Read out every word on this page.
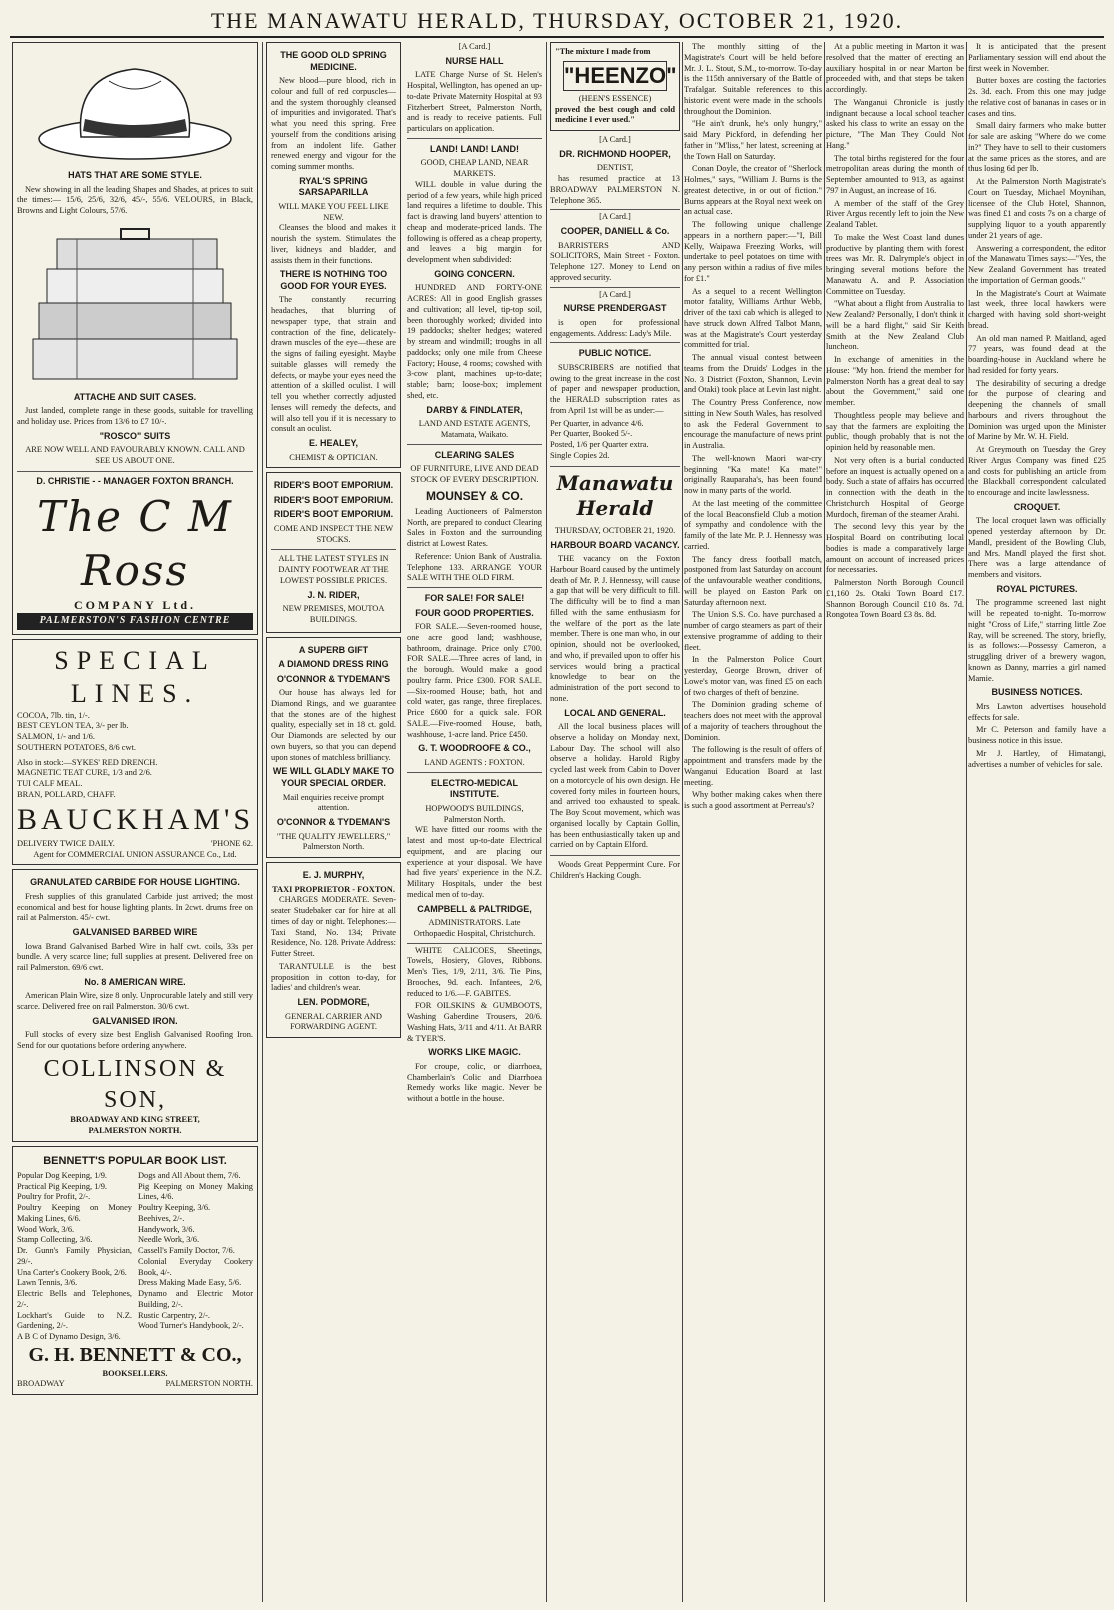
THE MANAWATU HERALD, THURSDAY, OCTOBER 21, 1920.
HATS THAT ARE SOME STYLE.

New showing in all the leading Shapes and Shades, at prices to suit the times:— 15/6, 25/6, 32/6, 45/-, 55/6. VELOURS, in Black, Browns and Light Colours, 57/6.

ATTACHE AND SUIT CASES.

Just landed, complete range in these goods, suitable for travelling and holiday use. Prices from 13/6 to £7 10/-.

"ROSCO" SUITS

ARE NOW WELL AND FAVOURABLY KNOWN. CALL AND SEE US ABOUT ONE.

D. CHRISTIE - - MANAGER FOXTON BRANCH.
The C M Ross
COMPANY Ltd.
PALMERSTON'S FASHION CENTRE
SPECIAL LINES.
COCOA, 7lb. tin, 1/-.
BEST CEYLON TEA, 3/- per lb.
SALMON, 1/- and 1/6.
SOUTHERN POTATOES, 8/6 cwt.
Also in stock:—SYKES' RED DRENCH.
MAGNETIC TEAT CURE, 1/3 and 2/6.
TUI CALF MEAL.
BRAN, POLLARD, CHAFF.
BAUCKHAM'S
DELIVERY TWICE DAILY.	'PHONE 62.
Agent for COMMERCIAL UNION ASSURANCE Co., Ltd.
GRANULATED CARBIDE FOR HOUSE LIGHTING.

Fresh supplies of this granulated Carbide just arrived; the most economical and best for house lighting plants. In 2cwt. drums free on rail at Palmerston. 45/- cwt.

GALVANISED BARBED WIRE

Iowa Brand Galvanised Barbed Wire in half cwt. coils, 33s per bundle. A very scarce line; full supplies at present. Delivered free on rail Palmerston. 69/6 cwt.

No. 8 AMERICAN WIRE.

American Plain Wire, size 8 only. Unprocurable lately and still very scarce. Delivered free on rail Palmerston. 30/6 cwt.

GALVANISED IRON.

Full stocks of every size best English Galvanised Roofing Iron. Send for our quotations before ordering anywhere.

COLLINSON & SON,
BROADWAY AND KING STREET,
PALMERSTON NORTH.
BENNETT'S POPULAR BOOK LIST.
Popular Dog Keeping, 1/9.
Practical Pig Keeping, 1/9.
Poultry for Profit, 2/-.
Poultry Keeping on Money Making Lines, 6/6.
Wood Work, 3/6.
Stamp Collecting, 3/6.
Dr. Gunn's Family Physician, 29/-.
Una Carter's Cookery Book, 2/6.
Lawn Tennis, 3/6.
Electric Bells and Telephones, 2/-.
Lockhart's Guide to N.Z. Gardening, 2/-.
A B C of Dynamo Design, 3/6.
Dogs and All About them, 7/6.
Pig Keeping on Money Making Lines, 4/6.
Poultry Keeping, 3/6.
Beehives, 2/-.
Handywork, 3/6.
Needle Work, 3/6.
Cassell's Family Doctor, 7/6.
Colonial Everyday Cookery Book, 4/-.
Dress Making Made Easy, 5/6.
Dynamo and Electric Motor Building, 2/-.
Rustic Carpentry, 2/-.
Wood Turner's Handybook, 2/-.
G. H. BENNETT & CO.,
BOOKSELLERS.
BROADWAY	PALMERSTON NORTH.
THE GOOD OLD SPRING MEDICINE.

New blood—pure blood, rich in colour and full of red corpuscles—and the system thoroughly cleansed of impurities and invigorated. That's what you need this spring. Free yourself from the conditions arising from an indolent life. Gather renewed energy and vigour for the coming summer months.

RYAL'S SPRING SARSAPARILLA
WILL MAKE YOU FEEL LIKE NEW.

Cleanses the blood and makes it nourish the system. Stimulates the liver, kidneys and bladder, and assists them in their functions.

THERE IS NOTHING TOO GOOD FOR YOUR EYES.

The constantly recurring headaches, that blurring of newspaper type, that strain and contraction of the fine, delicately-drawn muscles of the eye—these are the signs of failing eyesight. Maybe suitable glasses will remedy the defects, or maybe your eyes need the attention of a skilled oculist. I will tell you whether correctly adjusted lenses will remedy the defects, and will also tell you if it is necessary to consult an oculist.

E. HEALEY,
CHEMIST & OPTICIAN.
RIDER'S BOOT EMPORIUM.
RIDER'S BOOT EMPORIUM.
RIDER'S BOOT EMPORIUM.

COME AND INSPECT THE NEW STOCKS.

ALL THE LATEST STYLES IN DAINTY FOOTWEAR AT THE LOWEST POSSIBLE PRICES.

J. N. RIDER,

NEW PREMISES, MOUTOA BUILDINGS.

A SUPERB GIFT
A DIAMOND DRESS RING
O'CONNOR & TYDEMAN'S

Our house has always led for Diamond Rings, and we guarantee that the stones are of the highest quality, especially set in 18 ct. gold. Our Diamonds are selected by our own buyers, so that you can depend upon stones of matchless brilliancy.

WE WILL GLADLY MAKE TO YOUR SPECIAL ORDER.

Mail enquiries receive prompt attention.

O'CONNOR & TYDEMAN'S
"THE QUALITY JEWELLERS,"
Palmerston North.
E. J. MURPHY,
TAXI PROPRIETOR - FOXTON.

CHARGES MODERATE. Seven-seater Studebaker car for hire at all times of day or night. Telephones:—Taxi Stand, No. 134; Private Residence, No. 128. Private Address: Futter Street.

TARANTULLE is the best proposition in cotton to-day, for ladies' and children's wear.

LEN. PODMORE,
GENERAL CARRIER AND FORWARDING AGENT.
[A Card.]
NURSE HALL

LATE Charge Nurse of St. Helen's Hospital, Wellington, has opened an up-to-date Private Maternity Hospital at 93 Fitzherbert Street, Palmerston North, and is ready to receive patients. Full particulars on application.

LAND! LAND! LAND!
GOOD, CHEAP LAND, NEAR MARKETS.

WILL double in value during the period of a few years, while high priced land requires a lifetime to double. This fact is drawing land buyers' attention to cheap and moderate-priced lands. The following is offered as a cheap property, and leaves a big margin for development when subdivided:

GOING CONCERN.

HUNDRED AND FORTY-ONE ACRES: All in good English grasses and cultivation; all level, tip-top soil, been thoroughly worked; divided into 19 paddocks; shelter hedges; watered by stream and windmill; troughs in all paddocks; only one mile from Cheese Factory; House, 4 rooms; cowshed with 3-cow plant, machines up-to-date; stable; barn; loose-box; implement shed, etc.

DARBY & FINDLATER,
LAND AND ESTATE AGENTS, Matamata, Waikato.
CLEARING SALES

OF FURNITURE, LIVE AND DEAD STOCK OF EVERY DESCRIPTION.

MOUNSEY & CO.

Leading Auctioneers of Palmerston North, are prepared to conduct Clearing Sales in Foxton and the surrounding district at Lowest Rates.

Reference: Union Bank of Australia. Telephone 133. ARRANGE YOUR SALE WITH THE OLD FIRM.

FOR SALE! FOR SALE!
FOUR GOOD PROPERTIES.

FOR SALE.—Seven-roomed house, one acre good land; washhouse, bathroom, drainage. Price only £700. FOR SALE.—Three acres of land, in the borough. Would make a good poultry farm. Price £300. FOR SALE.—Six-roomed House; bath, hot and cold water, gas range, three fireplaces. Price £600 for a quick sale. FOR SALE.—Five-roomed House, bath, washhouse, 1-acre land. Price £450.

G. T. WOODROOFE & CO.,
LAND AGENTS : FOXTON.
ELECTRO-MEDICAL INSTITUTE.
HOPWOOD'S BUILDINGS, Palmerston North.

WE have fitted our rooms with the latest and most up-to-date Electrical equipment, and are placing our experience at your disposal. We have had five years' experience in the N.Z. Military Hospitals, under the best medical men of to-day.

CAMPBELL & PALTRIDGE,
ADMINISTRATORS. Late Orthopaedic Hospital, Christchurch.

WHITE CALICOES, Sheetings, Towels, Hosiery, Gloves, Ribbons. Men's Ties, 1/9, 2/11, 3/6. Tie Pins, Brooches, 9d. each. Infantees, 2/6, reduced to 1/6.—F. GABITES.

FOR OILSKINS & GUMBOOTS, Washing Gaberdine Trousers, 20/6. Washing Hats, 3/11 and 4/11. At BARR & TYER'S.

WORKS LIKE MAGIC.

For croupe, colic, or diarrhoea, Chamberlain's Colic and Diarrhoea Remedy works like magic. Never be without a bottle in the house.

"The mixture I made from
"HEENZO"
(HEEN'S ESSENCE)
proved the best cough and cold medicine I ever used."
[A Card.]
DR. RICHMOND HOOPER,
DENTIST,

has resumed practice at 13 BROADWAY PALMERSTON N. Telephone 365.

[A Card.]
COOPER, DANIELL & Co.

BARRISTERS AND SOLICITORS, Main Street - Foxton. Telephone 127. Money to Lend on approved security.

[A Card.]
NURSE PRENDERGAST

is open for professional engagements. Address: Lady's Mile.

PUBLIC NOTICE.

SUBSCRIBERS are notified that owing to the great increase in the cost of paper and newspaper production, the HERALD subscription rates as from April 1st will be as under:—

Per Quarter, in advance 4/6.
Per Quarter, Booked 5/-.
Posted, 1/6 per Quarter extra.
Single Copies 2d.
Manawatu Herald
THURSDAY, OCTOBER 21, 1920.
HARBOUR BOARD VACANCY.

THE vacancy on the Foxton Harbour Board caused by the untimely death of Mr. P. J. Hennessy, will cause a gap that will be very difficult to fill. The difficulty will be to find a man filled with the same enthusiasm for the welfare of the port as the late member. There is one man who, in our opinion, should not be overlooked, and who, if prevailed upon to offer his services would bring a practical knowledge to bear on the administration of the port second to none.

LOCAL AND GENERAL.

All the local business places will observe a holiday on Monday next, Labour Day. The school will also observe a holiday. Harold Rigby cycled last week from Cabin to Dover on a motorcycle of his own design. He covered forty miles in fourteen hours, and arrived too exhausted to speak. The Boy Scout movement, which was organised locally by Captain Gollin, has been enthusiastically taken up and carried on by Captain Elford.

Woods Great Peppermint Cure. For Children's Hacking Cough.

The monthly sitting of the Magistrate's Court will be held before Mr. J. L. Stout, S.M., to-morrow. To-day is the 115th anniversary of the Battle of Trafalgar. Suitable references to this historic event were made in the schools throughout the Dominion.

"He ain't drunk, he's only hungry," said Mary Pickford, in defending her father in "M'liss," her latest, screening at the Town Hall on Saturday.

Conan Doyle, the creator of "Sherlock Holmes," says, "William J. Burns is the greatest detective, in or out of fiction." Burns appears at the Royal next week on an actual case.

The following unique challenge appears in a northern paper:—"I, Bill Kelly, Waipawa Freezing Works, will undertake to peel potatoes on time with any person within a radius of five miles for £1."

As a sequel to a recent Wellington motor fatality, Williams Arthur Webb, driver of the taxi cab which is alleged to have struck down Alfred Talbot Mann, was at the Magistrate's Court yesterday committed for trial.

The annual visual contest between teams from the Druids' Lodges in the No. 3 District (Foxton, Shannon, Levin and Otaki) took place at Levin last night.

The Country Press Conference, now sitting in New South Wales, has resolved to ask the Federal Government to encourage the manufacture of news print in Australia.

The well-known Maori war-cry beginning "Ka mate! Ka mate!" originally Rauparaha's, has been found now in many parts of the world.

At the last meeting of the committee of the local Beaconsfield Club a motion of sympathy and condolence with the family of the late Mr. P. J. Hennessy was carried.

The fancy dress football match, postponed from last Saturday on account of the unfavourable weather conditions, will be played on Easton Park on Saturday afternoon next.

The Union S.S. Co. have purchased a number of cargo steamers as part of their extensive programme of adding to their fleet.

In the Palmerston Police Court yesterday, George Brown, driver of Lowe's motor van, was fined £5 on each of two charges of theft of benzine.

The Dominion grading scheme of teachers does not meet with the approval of a majority of teachers throughout the Dominion.

The following is the result of offers of appointment and transfers made by the Wanganui Education Board at last meeting.

Why bother making cakes when there is such a good assortment at Perreau's?

At a public meeting in Marton it was resolved that the matter of erecting an auxiliary hospital in or near Marton be proceeded with, and that steps be taken accordingly.

The Wanganui Chronicle is justly indignant because a local school teacher asked his class to write an essay on the picture, "The Man They Could Not Hang."

The total births registered for the four metropolitan areas during the month of September amounted to 913, as against 797 in August, an increase of 16.

A member of the staff of the Grey River Argus recently left to join the New Zealand Tablet.

To make the West Coast land dunes productive by planting them with forest trees was Mr. R. Dalrymple's object in bringing several motions before the Manawatu A. and P. Association Committee on Tuesday.

"What about a flight from Australia to New Zealand? Personally, I don't think it will be a hard flight," said Sir Keith Smith at the New Zealand Club luncheon.

In exchange of amenities in the House: "My hon. friend the member for Palmerston North has a great deal to say about the Government," said one member.

Thoughtless people may believe and say that the farmers are exploiting the public, though probably that is not the opinion held by reasonable men.

Not very often is a burial conducted before an inquest is actually opened on a body. Such a state of affairs has occurred in connection with the death in the Christchurch Hospital of George Murdoch, fireman of the steamer Arahi.

The second levy this year by the Hospital Board on contributing local bodies is made a comparatively large amount on account of increased prices for necessaries.

Palmerston North Borough Council £1,160 2s. Otaki Town Board £17. Shannon Borough Council £10 8s. 7d. Rongotea Town Board £3 8s. 8d.

It is anticipated that the present Parliamentary session will end about the first week in November.

Butter boxes are costing the factories 2s. 3d. each. From this one may judge the relative cost of bananas in cases or in cases and tins.

Small dairy farmers who make butter for sale are asking "Where do we come in?" They have to sell to their customers at the same prices as the stores, and are thus losing 6d per lb.

At the Palmerston North Magistrate's Court on Tuesday, Michael Moynihan, licensee of the Club Hotel, Shannon, was fined £1 and costs 7s on a charge of supplying liquor to a youth apparently under 21 years of age.

Answering a correspondent, the editor of the Manawatu Times says:—"Yes, the New Zealand Government has treated the importation of German goods."

In the Magistrate's Court at Waimate last week, three local hawkers were charged with having sold short-weight bread.

An old man named P. Maitland, aged 77 years, was found dead at the boarding-house in Auckland where he had resided for forty years.

The desirability of securing a dredge for the purpose of clearing and deepening the channels of small harbours and rivers throughout the Dominion was urged upon the Minister of Marine by Mr. W. H. Field.

At Greymouth on Tuesday the Grey River Argus Company was fined £25 and costs for publishing an article from the Blackball correspondent calculated to encourage and incite lawlessness.

CROQUET.

The local croquet lawn was officially opened yesterday afternoon by Dr. Mandl, president of the Bowling Club, and Mrs. Mandl played the first shot. There was a large attendance of members and visitors.

ROYAL PICTURES.

The programme screened last night will be repeated to-night. To-morrow night "Cross of Life," starring little Zoe Ray, will be screened. The story, briefly, is as follows:—Possessy Cameron, a struggling driver of a brewery wagon, known as Danny, marries a girl named Mamie.

BUSINESS NOTICES.

Mrs Lawton advertises household effects for sale.

Mr C. Peterson and family have a business notice in this issue.

Mr J. Hartley, of Himatangi, advertises a number of vehicles for sale.
